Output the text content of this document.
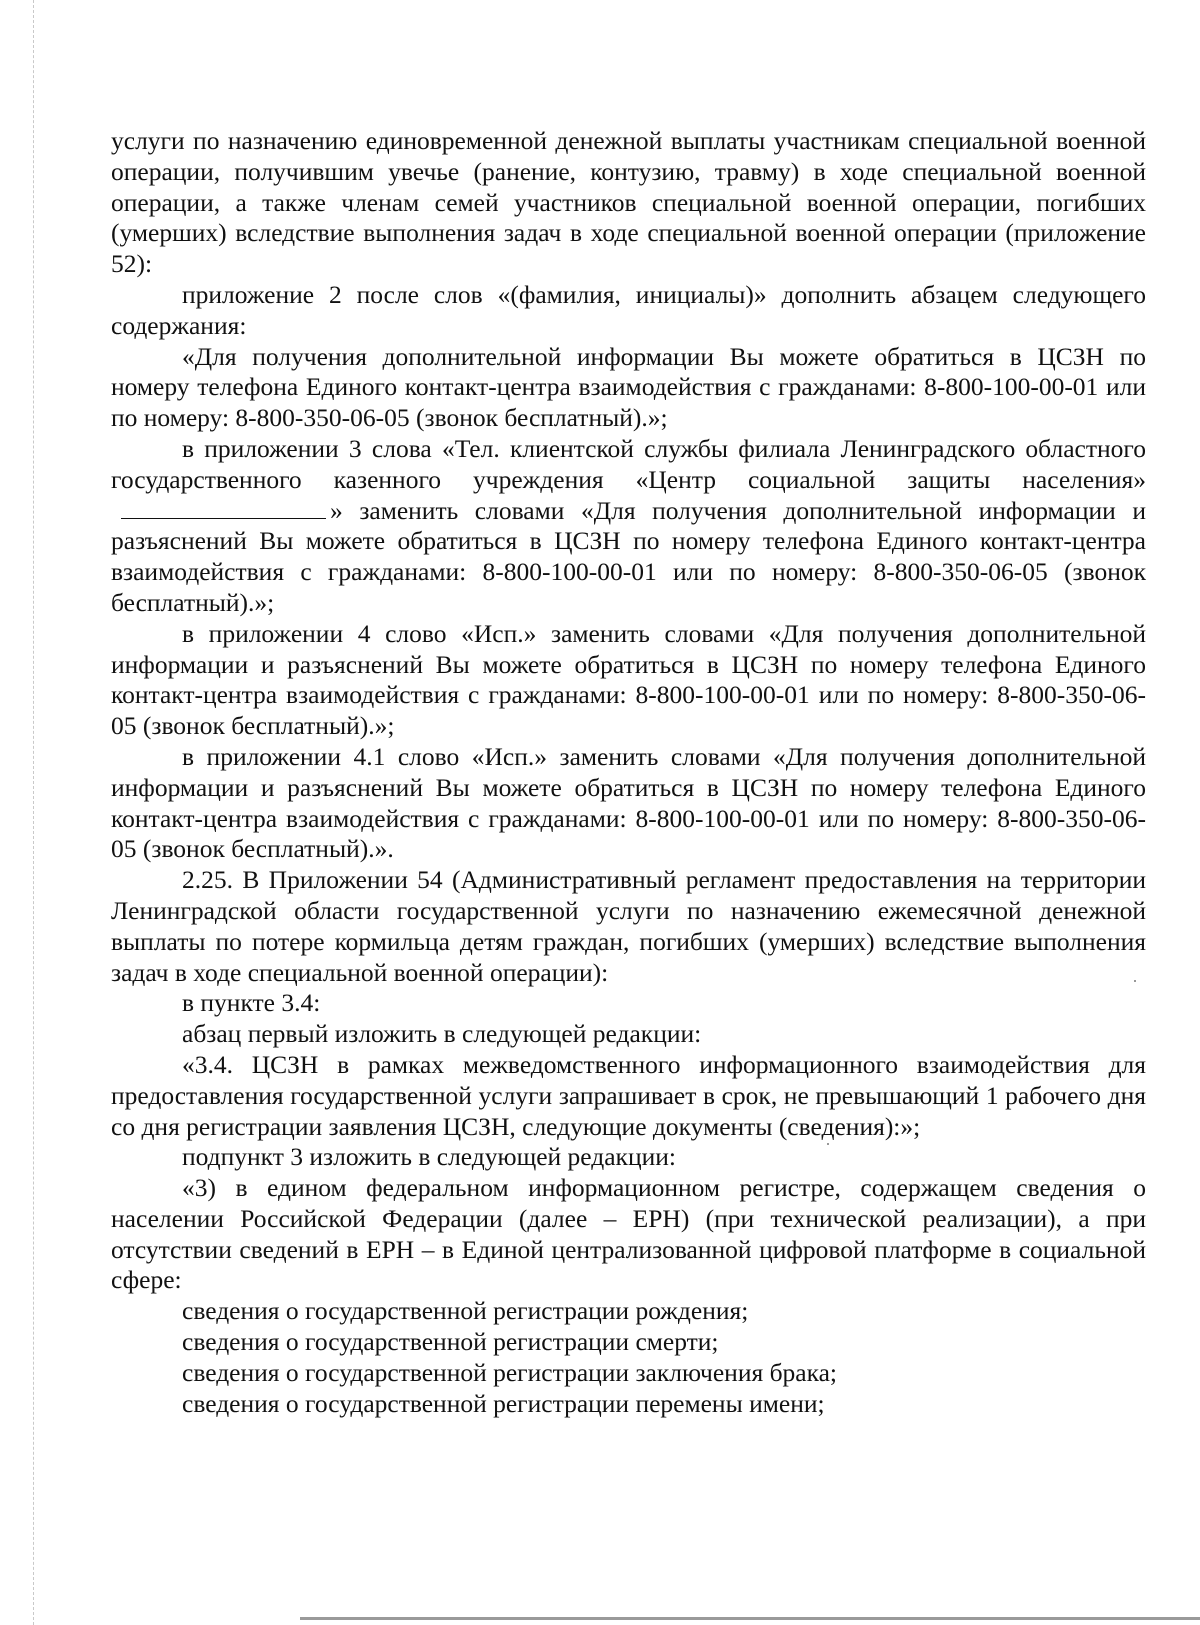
услуги по назначению единовременной денежной выплаты участникам специальной военной операции, получившим увечье (ранение, контузию, травму) в ходе специальной военной операции, а также членам семей участников специальной военной операции, погибших (умерших) вследствие выполнения задач в ходе специальной военной операции (приложение 52):

приложение 2 после слов «(фамилия, инициалы)» дополнить абзацем следующего содержания:

«Для получения дополнительной информации Вы можете обратиться в ЦСЗН по номеру телефона Единого контакт-центра взаимодействия с гражданами: 8-800-100-00-01 или по номеру: 8-800-350-06-05 (звонок бесплатный).»;

в приложении 3 слова «Тел. клиентской службы филиала Ленинградского областного государственного казенного учреждения «Центр социальной защиты населения»» заменить словами «Для получения дополнительной информации и разъяснений Вы можете обратиться в ЦСЗН по номеру телефона Единого контакт-центра взаимодействия с гражданами: 8-800-100-00-01 или по номеру: 8-800-350-06-05 (звонок бесплатный).»;

в приложении 4 слово «Исп.» заменить словами «Для получения дополнительной информации и разъяснений Вы можете обратиться в ЦСЗН по номеру телефона Единого контакт-центра взаимодействия с гражданами: 8-800-100-00-01 или по номеру: 8-800-350-06-05 (звонок бесплатный).»;

в приложении 4.1 слово «Исп.» заменить словами «Для получения дополнительной информации и разъяснений Вы можете обратиться в ЦСЗН по номеру телефона Единого контакт-центра взаимодействия с гражданами: 8-800-100-00-01 или по номеру: 8-800-350-06-05 (звонок бесплатный).».

2.25. В Приложении 54 (Административный регламент предоставления на территории Ленинградской области государственной услуги по назначению ежемесячной денежной выплаты по потере кормильца детям граждан, погибших (умерших) вследствие выполнения задач в ходе специальной военной операции):

в пункте 3.4:

абзац первый изложить в следующей редакции:

«3.4. ЦСЗН в рамках межведомственного информационного взаимодействия для предоставления государственной услуги запрашивает в срок, не превышающий 1 рабочего дня со дня регистрации заявления ЦСЗН, следующие документы (сведения):»;

подпункт 3 изложить в следующей редакции:

«3) в едином федеральном информационном регистре, содержащем сведения о населении Российской Федерации (далее – ЕРН) (при технической реализации), а при отсутствии сведений в ЕРН – в Единой централизованной цифровой платформе в социальной сфере:

сведения о государственной регистрации рождения;

сведения о государственной регистрации смерти;

сведения о государственной регистрации заключения брака;

сведения о государственной регистрации перемены имени;
